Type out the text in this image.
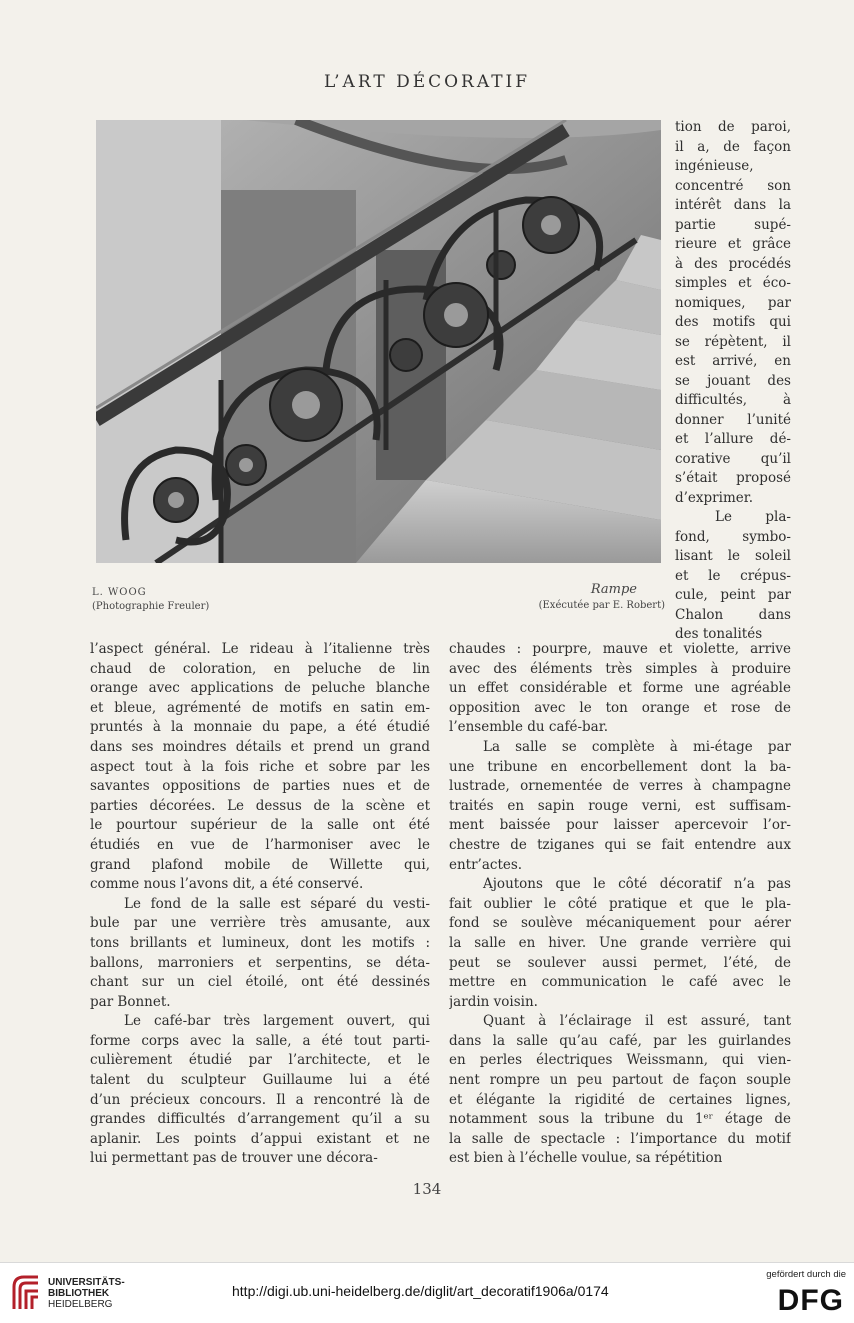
L’ART DÉCORATIF
L. WOOG
(Photographie Freuler)
Rampe
(Exécutée par E. Robert)
tion de paroi,
il a, de façon
ingénieuse,
concentré son
intérêt dans la
partie supé-
rieure et grâce
à des procédés
simples et éco-
nomiques, par
des motifs qui
se répètent, il
est arrivé, en
se jouant des
difficultés, à
donner l’unité
et l’allure dé-
corative qu’il
s’était proposé
d’exprimer.
Le pla-
fond, symbo-
lisant le soleil
et le crépus-
cule, peint par
Chalon dans
des tonalités
l’aspect général. Le rideau à l’italienne très
chaud de coloration, en peluche de lin
orange avec applications de peluche blanche
et bleue, agrémenté de motifs en satin em-
pruntés à la monnaie du pape, a été étudié
dans ses moindres détails et prend un grand
aspect tout à la fois riche et sobre par les
savantes oppositions de parties nues et de
parties décorées. Le dessus de la scène et
le pourtour supérieur de la salle ont été
étudiés en vue de l’harmoniser avec le
grand plafond mobile de Willette qui,
comme nous l’avons dit, a été conservé.
Le fond de la salle est séparé du vesti-
bule par une verrière très amusante, aux
tons brillants et lumineux, dont les motifs :
ballons, marroniers et serpentins, se déta-
chant sur un ciel étoilé, ont été dessinés
par Bonnet.
Le café-bar très largement ouvert, qui
forme corps avec la salle, a été tout parti-
culièrement étudié par l’architecte, et le
talent du sculpteur Guillaume lui a été
d’un précieux concours. Il a rencontré là de
grandes difficultés d’arrangement qu’il a su
aplanir. Les points d’appui existant et ne
lui permettant pas de trouver une décora-
chaudes : pourpre, mauve et violette, arrive
avec des éléments très simples à produire
un effet considérable et forme une agréable
opposition avec le ton orange et rose de
l’ensemble du café-bar.
La salle se complète à mi-étage par
une tribune en encorbellement dont la ba-
lustrade, ornementée de verres à champagne
traités en sapin rouge verni, est suffisam-
ment baissée pour laisser apercevoir l’or-
chestre de tziganes qui se fait entendre aux
entr’actes.
Ajoutons que le côté décoratif n’a pas
fait oublier le côté pratique et que le pla-
fond se soulève mécaniquement pour aérer
la salle en hiver. Une grande verrière qui
peut se soulever aussi permet, l’été, de
mettre en communication le café avec le
jardin voisin.
Quant à l’éclairage il est assuré, tant
dans la salle qu’au café, par les guirlandes
en perles électriques Weissmann, qui vien-
nent rompre un peu partout de façon souple
et élégante la rigidité de certaines lignes,
notamment sous la tribune du 1ᵉʳ étage de
la salle de spectacle : l’importance du motif
est bien à l’échelle voulue, sa répétition
134
UNIVERSITÄTS-
BIBLIOTHEK
HEIDELBERG
http://digi.ub.uni-heidelberg.de/diglit/art_decoratif1906a/0174
gefördert durch die
DFG
